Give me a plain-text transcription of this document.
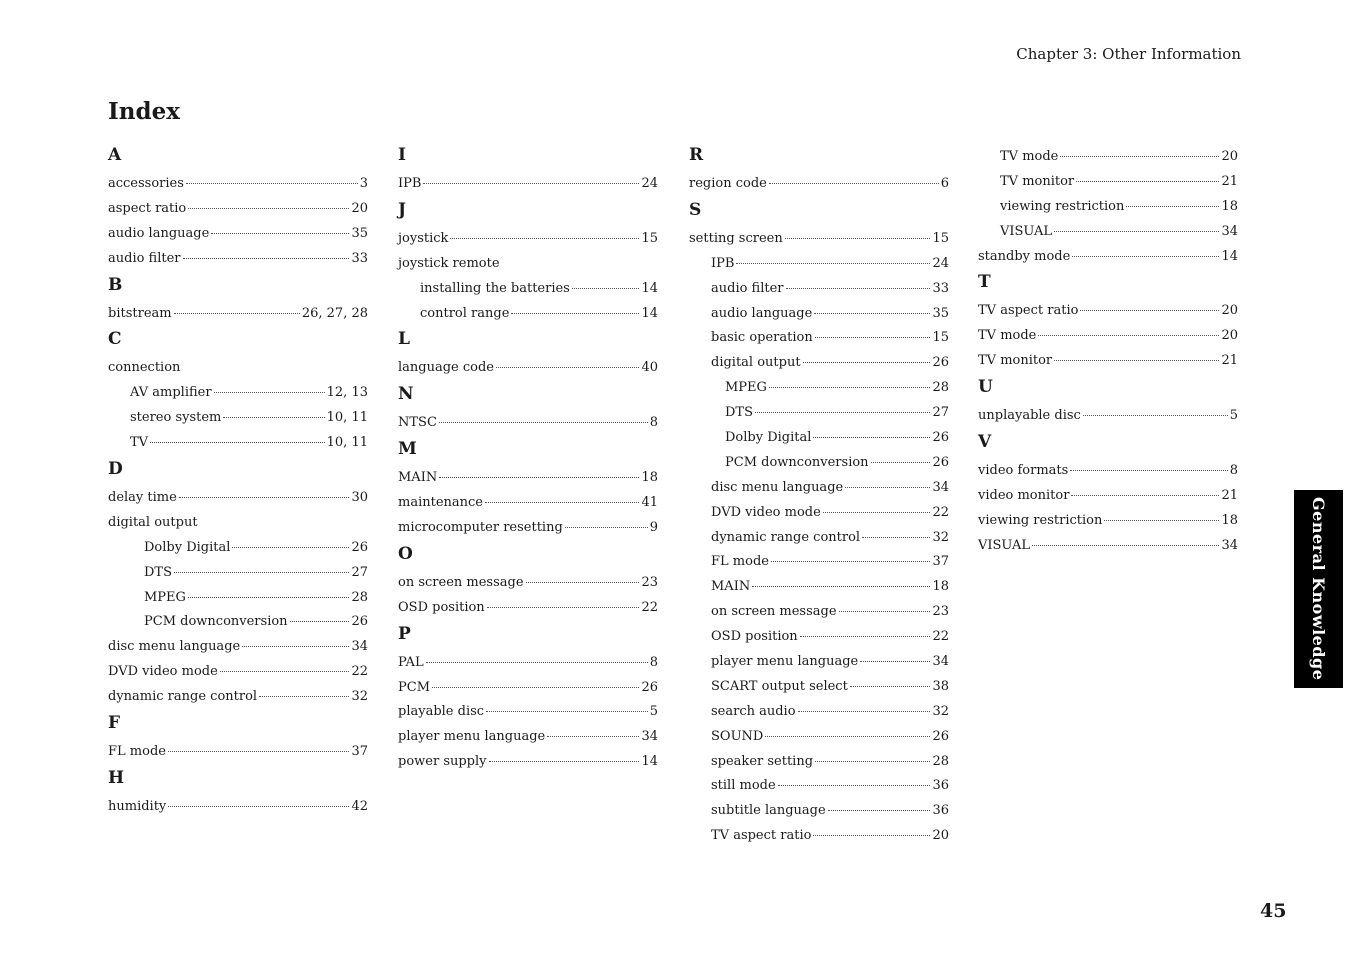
Chapter 3: Other Information
Index
A
accessories	3
aspect ratio	20
audio language	35
audio filter	33
B
bitstream	26, 27, 28
C
connection
AV amplifier	12, 13
stereo system	10, 11
TV	10, 11
D
delay time	30
digital output
Dolby Digital	26
DTS	27
MPEG	28
PCM downconversion	26
disc menu language	34
DVD video mode	22
dynamic range control	32
F
FL mode	37
H
humidity	42
I
IPB	24
J
joystick	15
joystick remote
installing the batteries	14
control range	14
L
language code	40
N
NTSC	8
M
MAIN	18
maintenance	41
microcomputer resetting	9
O
on screen message	23
OSD position	22
P
PAL	8
PCM	26
playable disc	5
player menu language	34
power supply	14
R
region code	6
S
setting screen	15
IPB	24
audio filter	33
audio language	35
basic operation	15
digital output	26
MPEG	28
DTS	27
Dolby Digital	26
PCM downconversion	26
disc menu language	34
DVD video mode	22
dynamic range control	32
FL mode	37
MAIN	18
on screen message	23
OSD position	22
player menu language	34
SCART output select	38
search audio	32
SOUND	26
speaker setting	28
still mode	36
subtitle language	36
TV aspect ratio	20
TV mode	20
TV monitor	21
viewing restriction	18
VISUAL	34
standby mode	14
T
TV aspect ratio	20
TV mode	20
TV monitor	21
U
unplayable disc	5
V
video formats	8
video monitor	21
viewing restriction	18
VISUAL	34	General Knowledge
45
